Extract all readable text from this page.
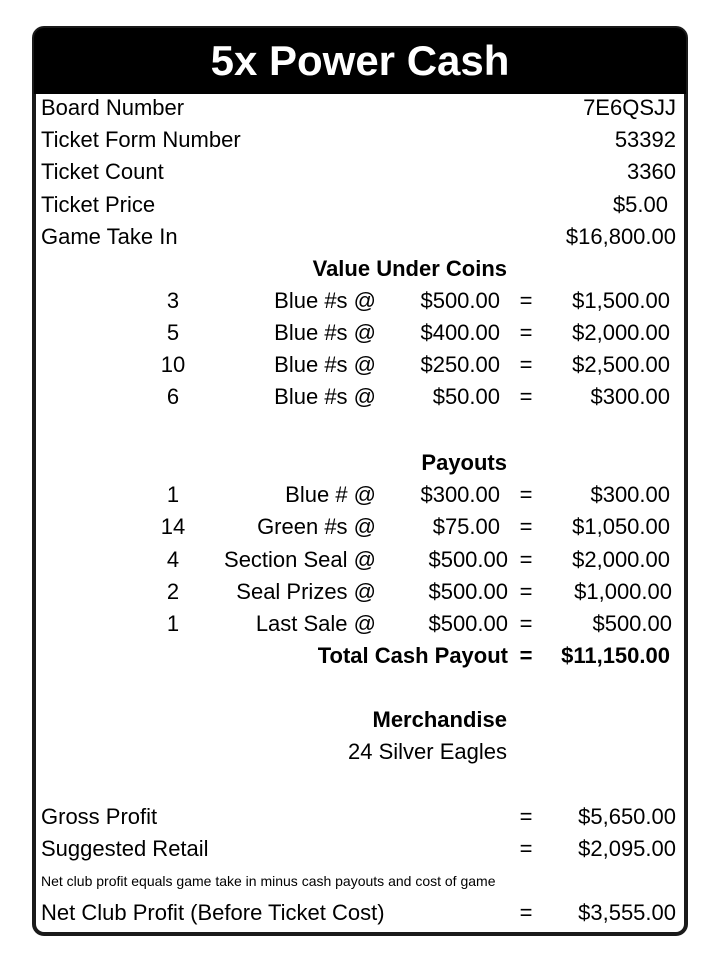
5x Power Cash
Board Number	7E6QSJJ
Ticket Form Number	53392
Ticket Count	3360
Ticket Price	$5.00
Game Take In	$16,800.00
Value Under Coins
3	Blue #s @ $500.00 = $1,500.00
5	Blue #s @ $400.00 = $2,000.00
10	Blue #s @ $250.00 = $2,500.00
6	Blue #s @	$50.00 =	$300.00
Payouts
1	Blue # @ $300.00 =	$300.00
14	Green #s @	$75.00 = $1,050.00
4	Section Seal @ $500.00 = $2,000.00
2	Seal Prizes @ $500.00 = $1,000.00
1	Last Sale @ $500.00 =	$500.00
Total Cash Payout = $11,150.00
Merchandise
24 Silver Eagles
Gross Profit	= $5,650.00
Suggested Retail	= $2,095.00
Net club profit equals game take in minus cash payouts and cost of game
Net Club Profit (Before Ticket Cost)	= $3,555.00
